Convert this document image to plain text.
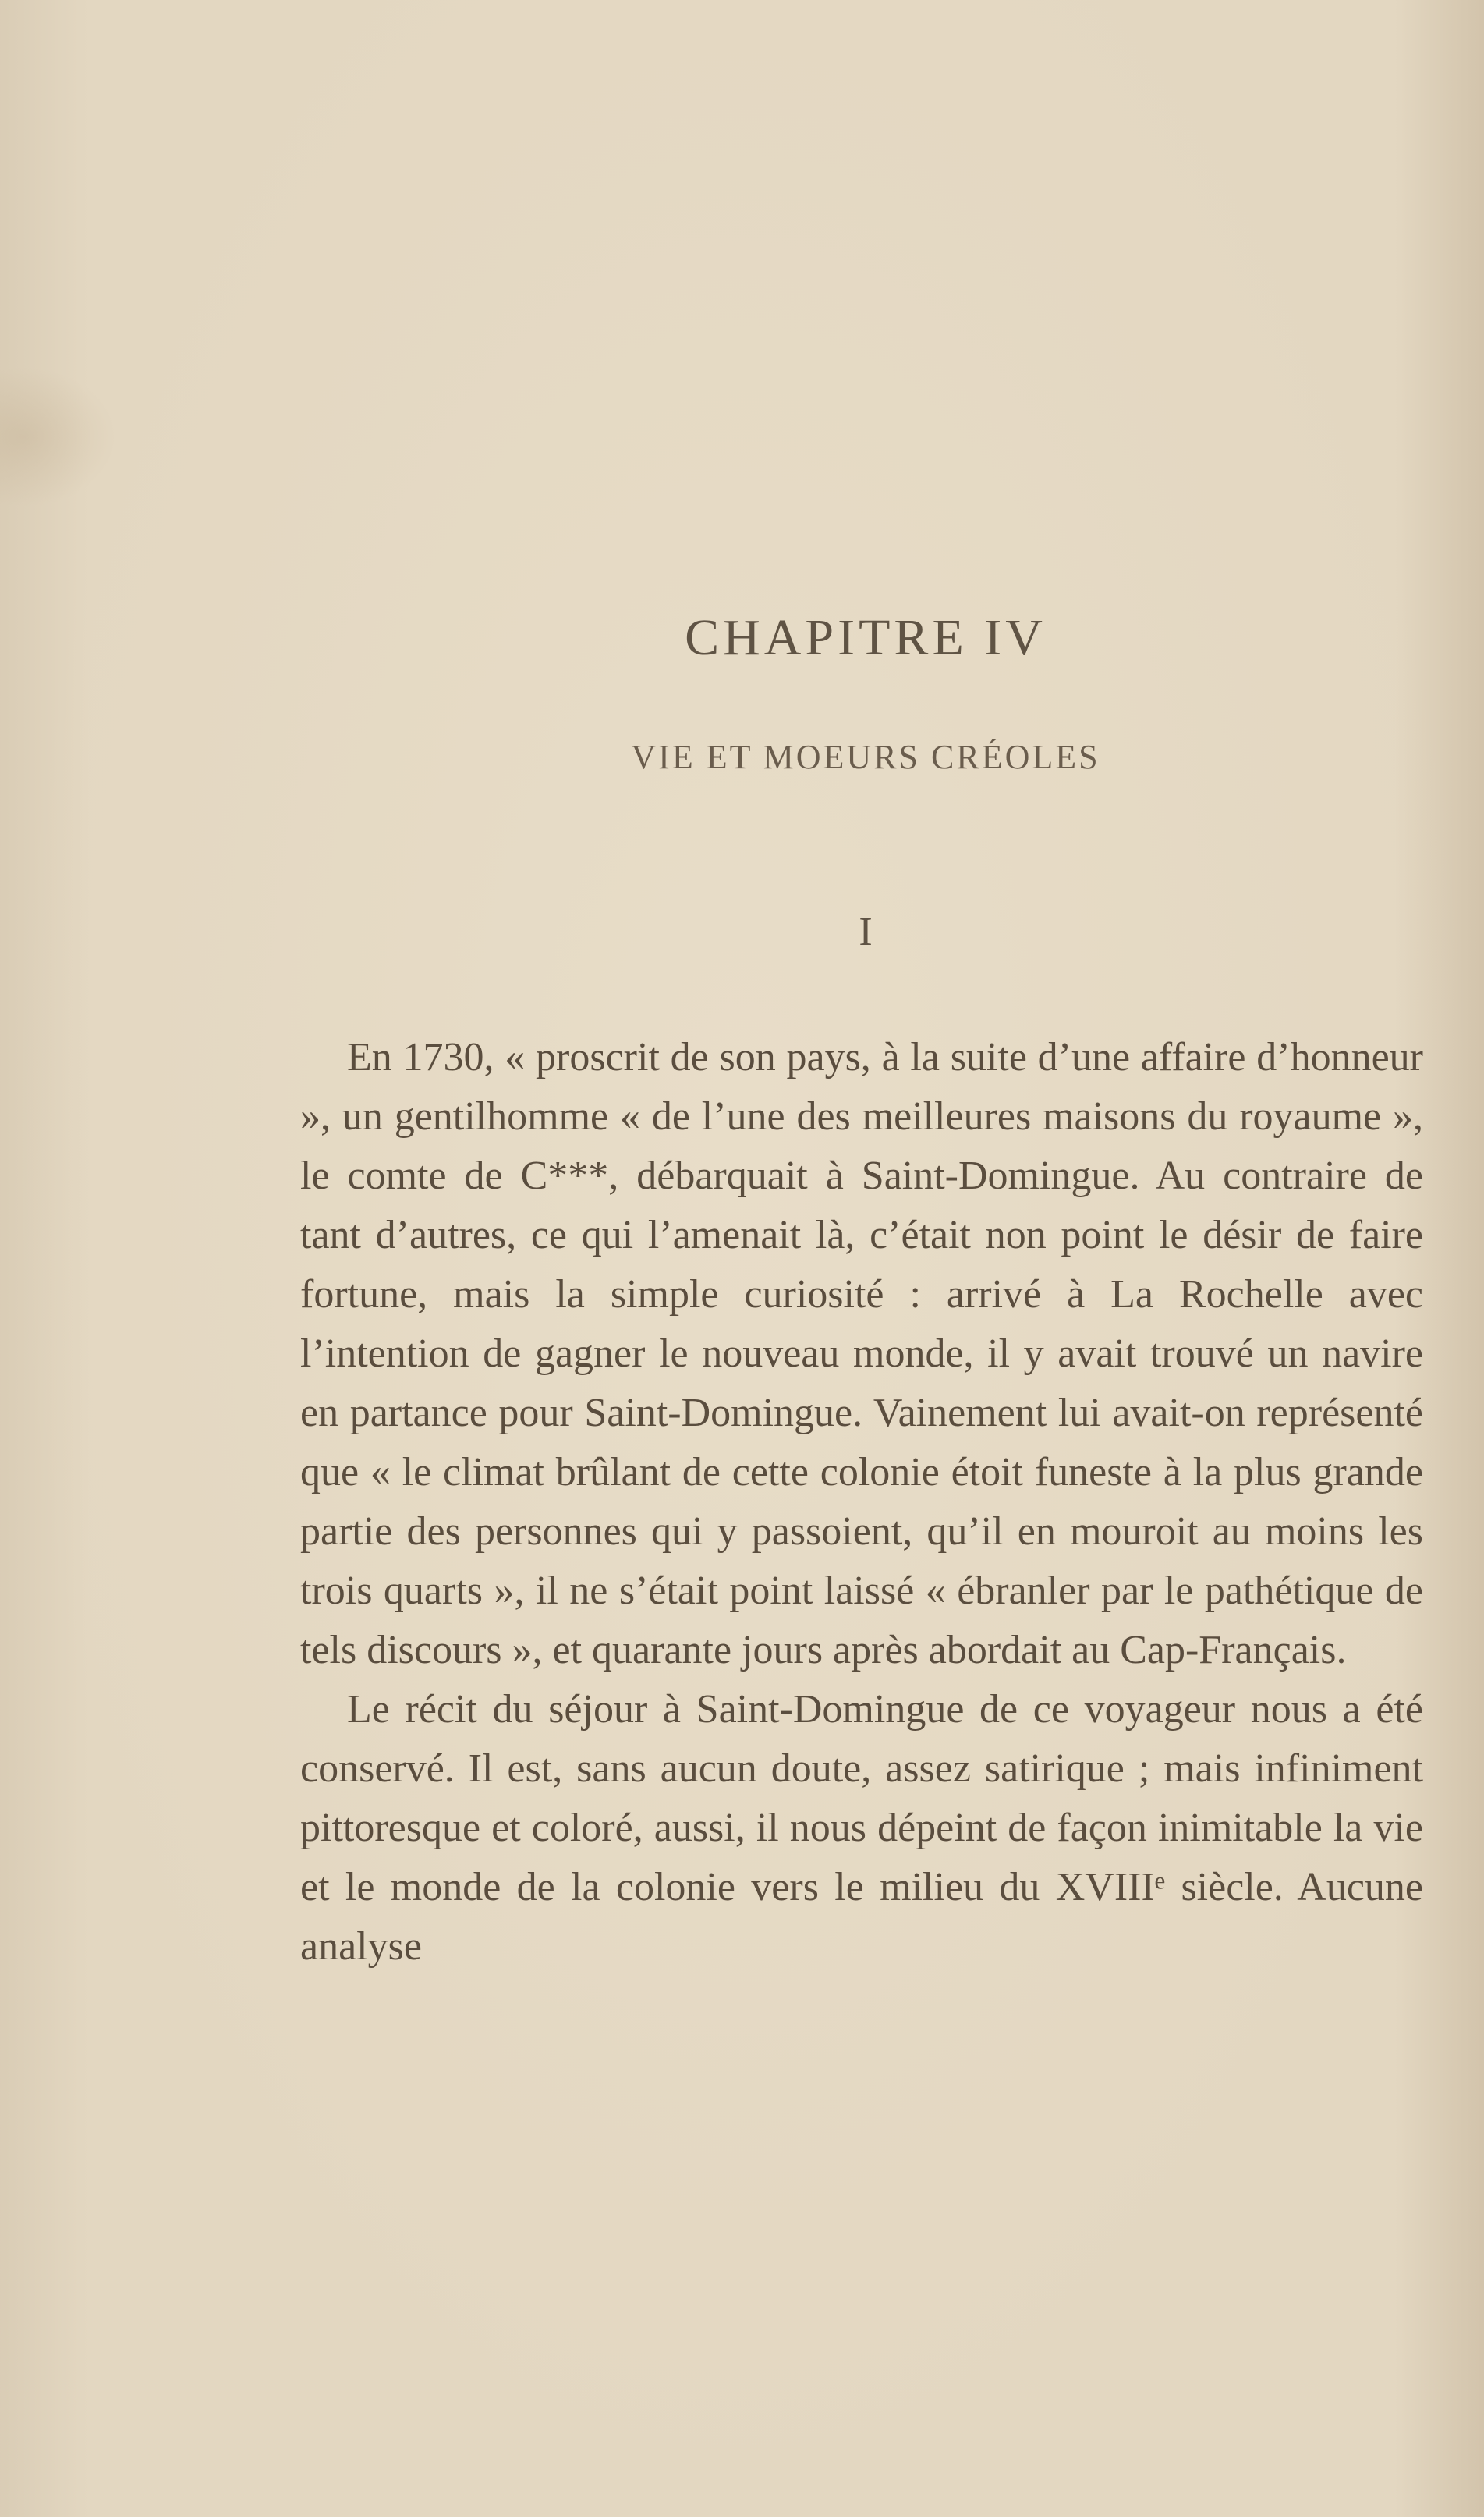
CHAPITRE IV
VIE ET MOEURS CRÉOLES
I

En 1730, « proscrit de son pays, à la suite d’une affaire d’honneur », un gentilhomme « de l’une des meilleures maisons du royaume », le comte de C***, débarquait à Saint-Domingue. Au contraire de tant d’autres, ce qui l’amenait là, c’était non point le désir de faire fortune, mais la simple curiosité : arrivé à La Rochelle avec l’intention de gagner le nouveau monde, il y avait trouvé un navire en partance pour Saint-Domingue. Vainement lui avait-on représenté que « le climat brûlant de cette colonie étoit funeste à la plus grande partie des personnes qui y passoient, qu’il en mouroit au moins les trois quarts », il ne s’était point laissé « ébranler par le pathétique de tels discours », et quarante jours après abordait au Cap-Français.

Le récit du séjour à Saint-Domingue de ce voyageur nous a été conservé. Il est, sans aucun doute, assez satirique ; mais infiniment pittoresque et coloré, aussi, il nous dépeint de façon inimitable la vie et le monde de la colonie vers le milieu du XVIIIᵉ siècle. Aucune analyse
